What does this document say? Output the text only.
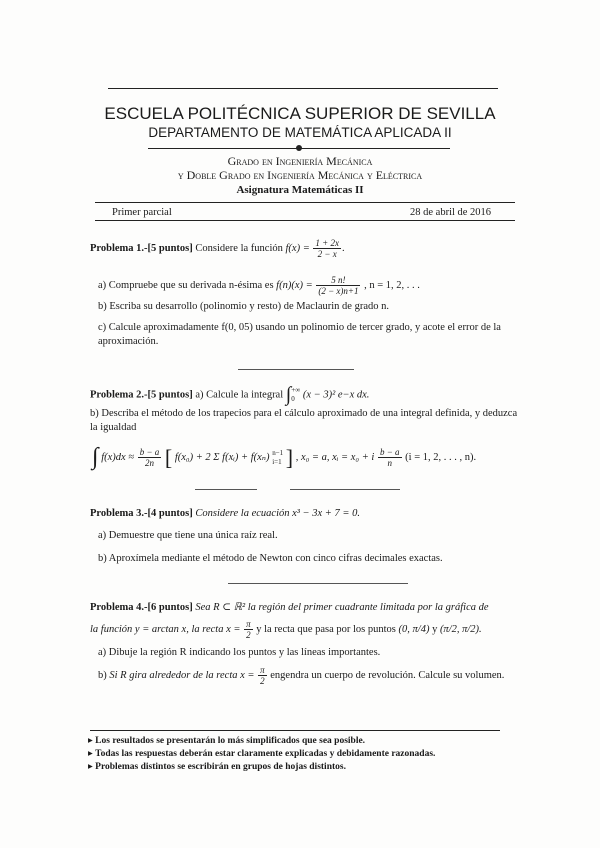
ESCUELA POLITÉCNICA SUPERIOR DE SEVILLA
DEPARTAMENTO DE MATEMÁTICA APLICADA II
Grado en Ingeniería Mecánica
y Doble Grado en Ingeniería Mecánica y Eléctrica
Asignatura Matemáticas II
Primer parcial	28 de abril de 2016
Problema 1.-[5 puntos] Considere la función $f(x) = \frac{1 + 2x}{2 - x}$ .
a) Compruebe que su derivada n-ésima es $f(n)(x) = \frac{5 n!}{(2 - x)n+1}$ , n = 1, 2, . . .
b) Escriba su desarrollo (polinomio y resto) de Maclaurin de grado n.
c) Calcule aproximadamente f(0, 05) usando un polinomio de tercer grado, y acote el error de la aproximación.
Problema 2.-[5 puntos] a) Calcule la integral ∫ +∞
0 (x − 3)² e−x dx.
b) Describa el método de los trapecios para el cálculo aproximado de una integral definida, y deduzca la igualdad
∫ $f(x)dx \approx \frac{b - a}{2n}$ [ f(x₀) + 2 Σ f(xᵢ) + f(xₙ) n−1
i=1 ] , x₀ = a, xᵢ = x₀ + i $\frac{b - a}{n} (i = 1$, 2, . . . , n).
Problema 3.-[4 puntos] Considere la ecuación x³ − 3x + 7 = 0.
a) Demuestre que tiene una única raíz real.
b) Aproxímela mediante el método de Newton con cinco cifras decimales exactas.
Problema 4.-[6 puntos] Sea R ⊂ ℝ² la región del primer cuadrante limitada por la gráfica de
la función y = arctan x, la recta $x = \frac{\pi}{2}$ y la recta que pasa por los puntos (0, π/4) y (π/2, π/2).
a) Dibuje la región R indicando los puntos y las líneas importantes.
b) Si R gira alrededor de la recta $x = \frac{\pi}{2}$ engendra un cuerpo de revolución. Calcule su volumen.
▸ Los resultados se presentarán lo más simplificados que sea posible.
▸ Todas las respuestas deberán estar claramente explicadas y debidamente razonadas.
▸ Problemas distintos se escribirán en grupos de hojas distintos.
